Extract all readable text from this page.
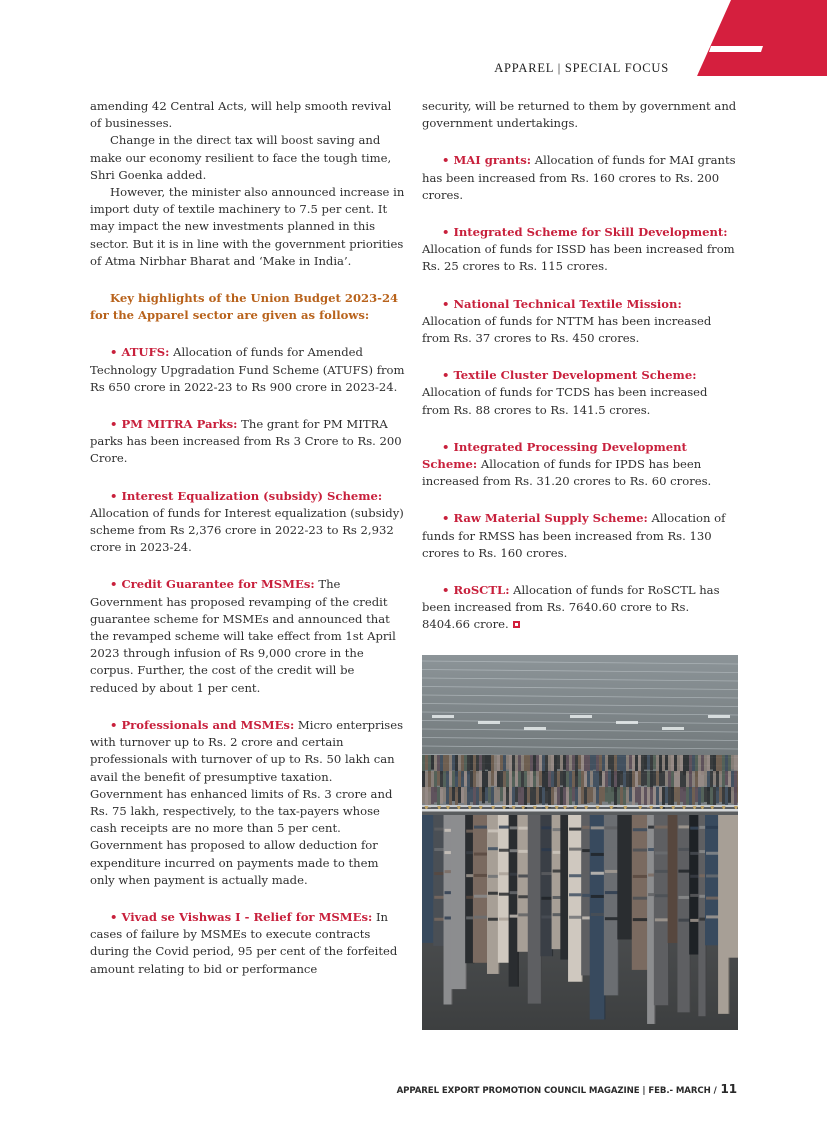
APPAREL | SPECIAL FOCUS

amending 42 Central Acts, will help smooth revival of businesses.

Change in the direct tax will boost saving and make our economy resilient to face the tough time, Shri Goenka added.

However, the minister also announced increase in import duty of textile machinery to 7.5 per cent. It may impact the new investments planned in this sector. But it is in line with the government priorities of Atma Nirbhar Bharat and ‘Make in India’.

Key highlights of the Union Budget 2023-24 for the Apparel sector are given as follows:

• ATUFS: Allocation of funds for Amended Technology Upgradation Fund Scheme (ATUFS) from Rs 650 crore in 2022-23 to Rs 900 crore in 2023-24.

• PM MITRA Parks: The grant for PM MITRA parks has been increased from Rs 3 Crore to Rs. 200 Crore.

• Interest Equalization (subsidy) Scheme: Allocation of funds for Interest equalization (subsidy) scheme from Rs 2,376 crore in 2022-23 to Rs 2,932 crore in 2023-24.

• Credit Guarantee for MSMEs: The Government has proposed revamping of the credit guarantee scheme for MSMEs and announced that the revamped scheme will take effect from 1st April 2023 through infusion of Rs 9,000 crore in the corpus. Further, the cost of the credit will be reduced by about 1 per cent.

• Professionals and MSMEs: Micro enterprises with turnover up to Rs. 2 crore and certain professionals with turnover of up to Rs. 50 lakh can avail the benefit of presumptive taxation. Government has enhanced limits of Rs. 3 crore and Rs. 75 lakh, respectively, to the tax-payers whose cash receipts are no more than 5 per cent. Government has proposed to allow deduction for expenditure incurred on payments made to them only when payment is actually made.

• Vivad se Vishwas I - Relief for MSMEs: In cases of failure by MSMEs to execute contracts during the Covid period, 95 per cent of the forfeited amount relating to bid or performance

security, will be returned to them by government and government undertakings.

• MAI grants: Allocation of funds for MAI grants has been increased from Rs. 160 crores to Rs. 200 crores.

• Integrated Scheme for Skill Development: Allocation of funds for ISSD has been increased from Rs. 25 crores to Rs. 115 crores.

• National Technical Textile Mission: Allocation of funds for NTTM has been increased from Rs. 37 crores to Rs. 450 crores.

• Textile Cluster Development Scheme: Allocation of funds for TCDS has been increased from Rs. 88 crores to Rs. 141.5 crores.

• Integrated Processing Development Scheme: Allocation of funds for IPDS has been increased from Rs. 31.20 crores to Rs. 60 crores.

• Raw Material Supply Scheme: Allocation of funds for RMSS has been increased from Rs. 130 crores to Rs. 160 crores.

• RoSCTL: Allocation of funds for RoSCTL has been increased from Rs. 7640.60 crore to Rs. 8404.66 crore.

APPAREL EXPORT PROMOTION COUNCIL MAGAZINE | FEB.- MARCH / 11
